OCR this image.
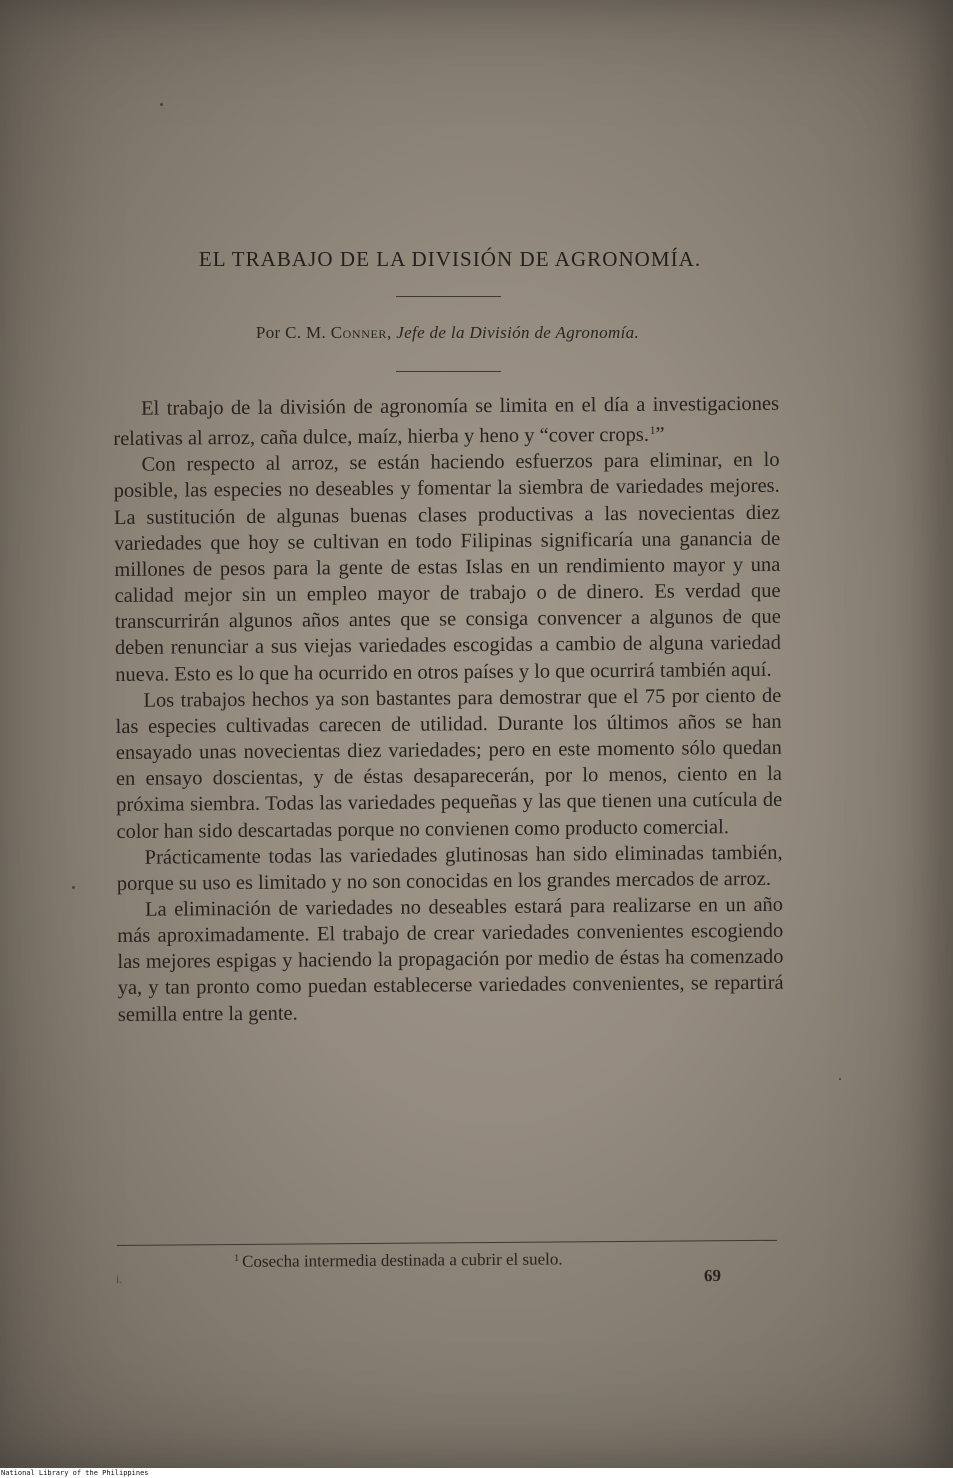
EL TRABAJO DE LA DIVISIÓN DE AGRONOMÍA.
Por C. M. Conner, Jefe de la División de Agronomía.

El trabajo de la división de agronomía se limita en el día a investigaciones relativas al arroz, caña dulce, maíz, hierba y heno y “cover crops.$^1$”

Con respecto al arroz, se están haciendo esfuerzos para eliminar, en lo posible, las especies no deseables y fomentar la siembra de variedades mejores. La sustitución de algunas buenas clases productivas a las novecientas diez variedades que hoy se cultivan en todo Filipinas significaría una ganancia de millones de pesos para la gente de estas Islas en un rendimiento mayor y una calidad mejor sin un empleo mayor de trabajo o de dinero. Es verdad que transcurrirán algunos años antes que se consiga convencer a algunos de que deben renunciar a sus viejas variedades escogidas a cambio de alguna variedad nueva. Esto es lo que ha ocurrido en otros países y lo que ocurrirá también aquí.

Los trabajos hechos ya son bastantes para demostrar que el 75 por ciento de las especies cultivadas carecen de utilidad. Durante los últimos años se han ensayado unas novecientas diez variedades; pero en este momento sólo quedan en ensayo doscientas, y de éstas desaparecerán, por lo menos, ciento en la próxima siembra. Todas las variedades pequeñas y las que tienen una cutícula de color han sido descartadas porque no convienen como producto comercial.

Prácticamente todas las variedades glutinosas han sido eliminadas también, porque su uso es limitado y no son conocidas en los grandes mercados de arroz.

La eliminación de variedades no deseables estará para realizarse en un año más aproximadamente. El trabajo de crear variedades convenientes escogiendo las mejores espigas y haciendo la propagación por medio de éstas ha comenzado ya, y tan pronto como puedan establecerse variedades convenientes, se repartirá semilla entre la gente.

$^1$ Cosecha intermedia destinada a cubrir el suelo.
69
i.
National Library of the Philippines
